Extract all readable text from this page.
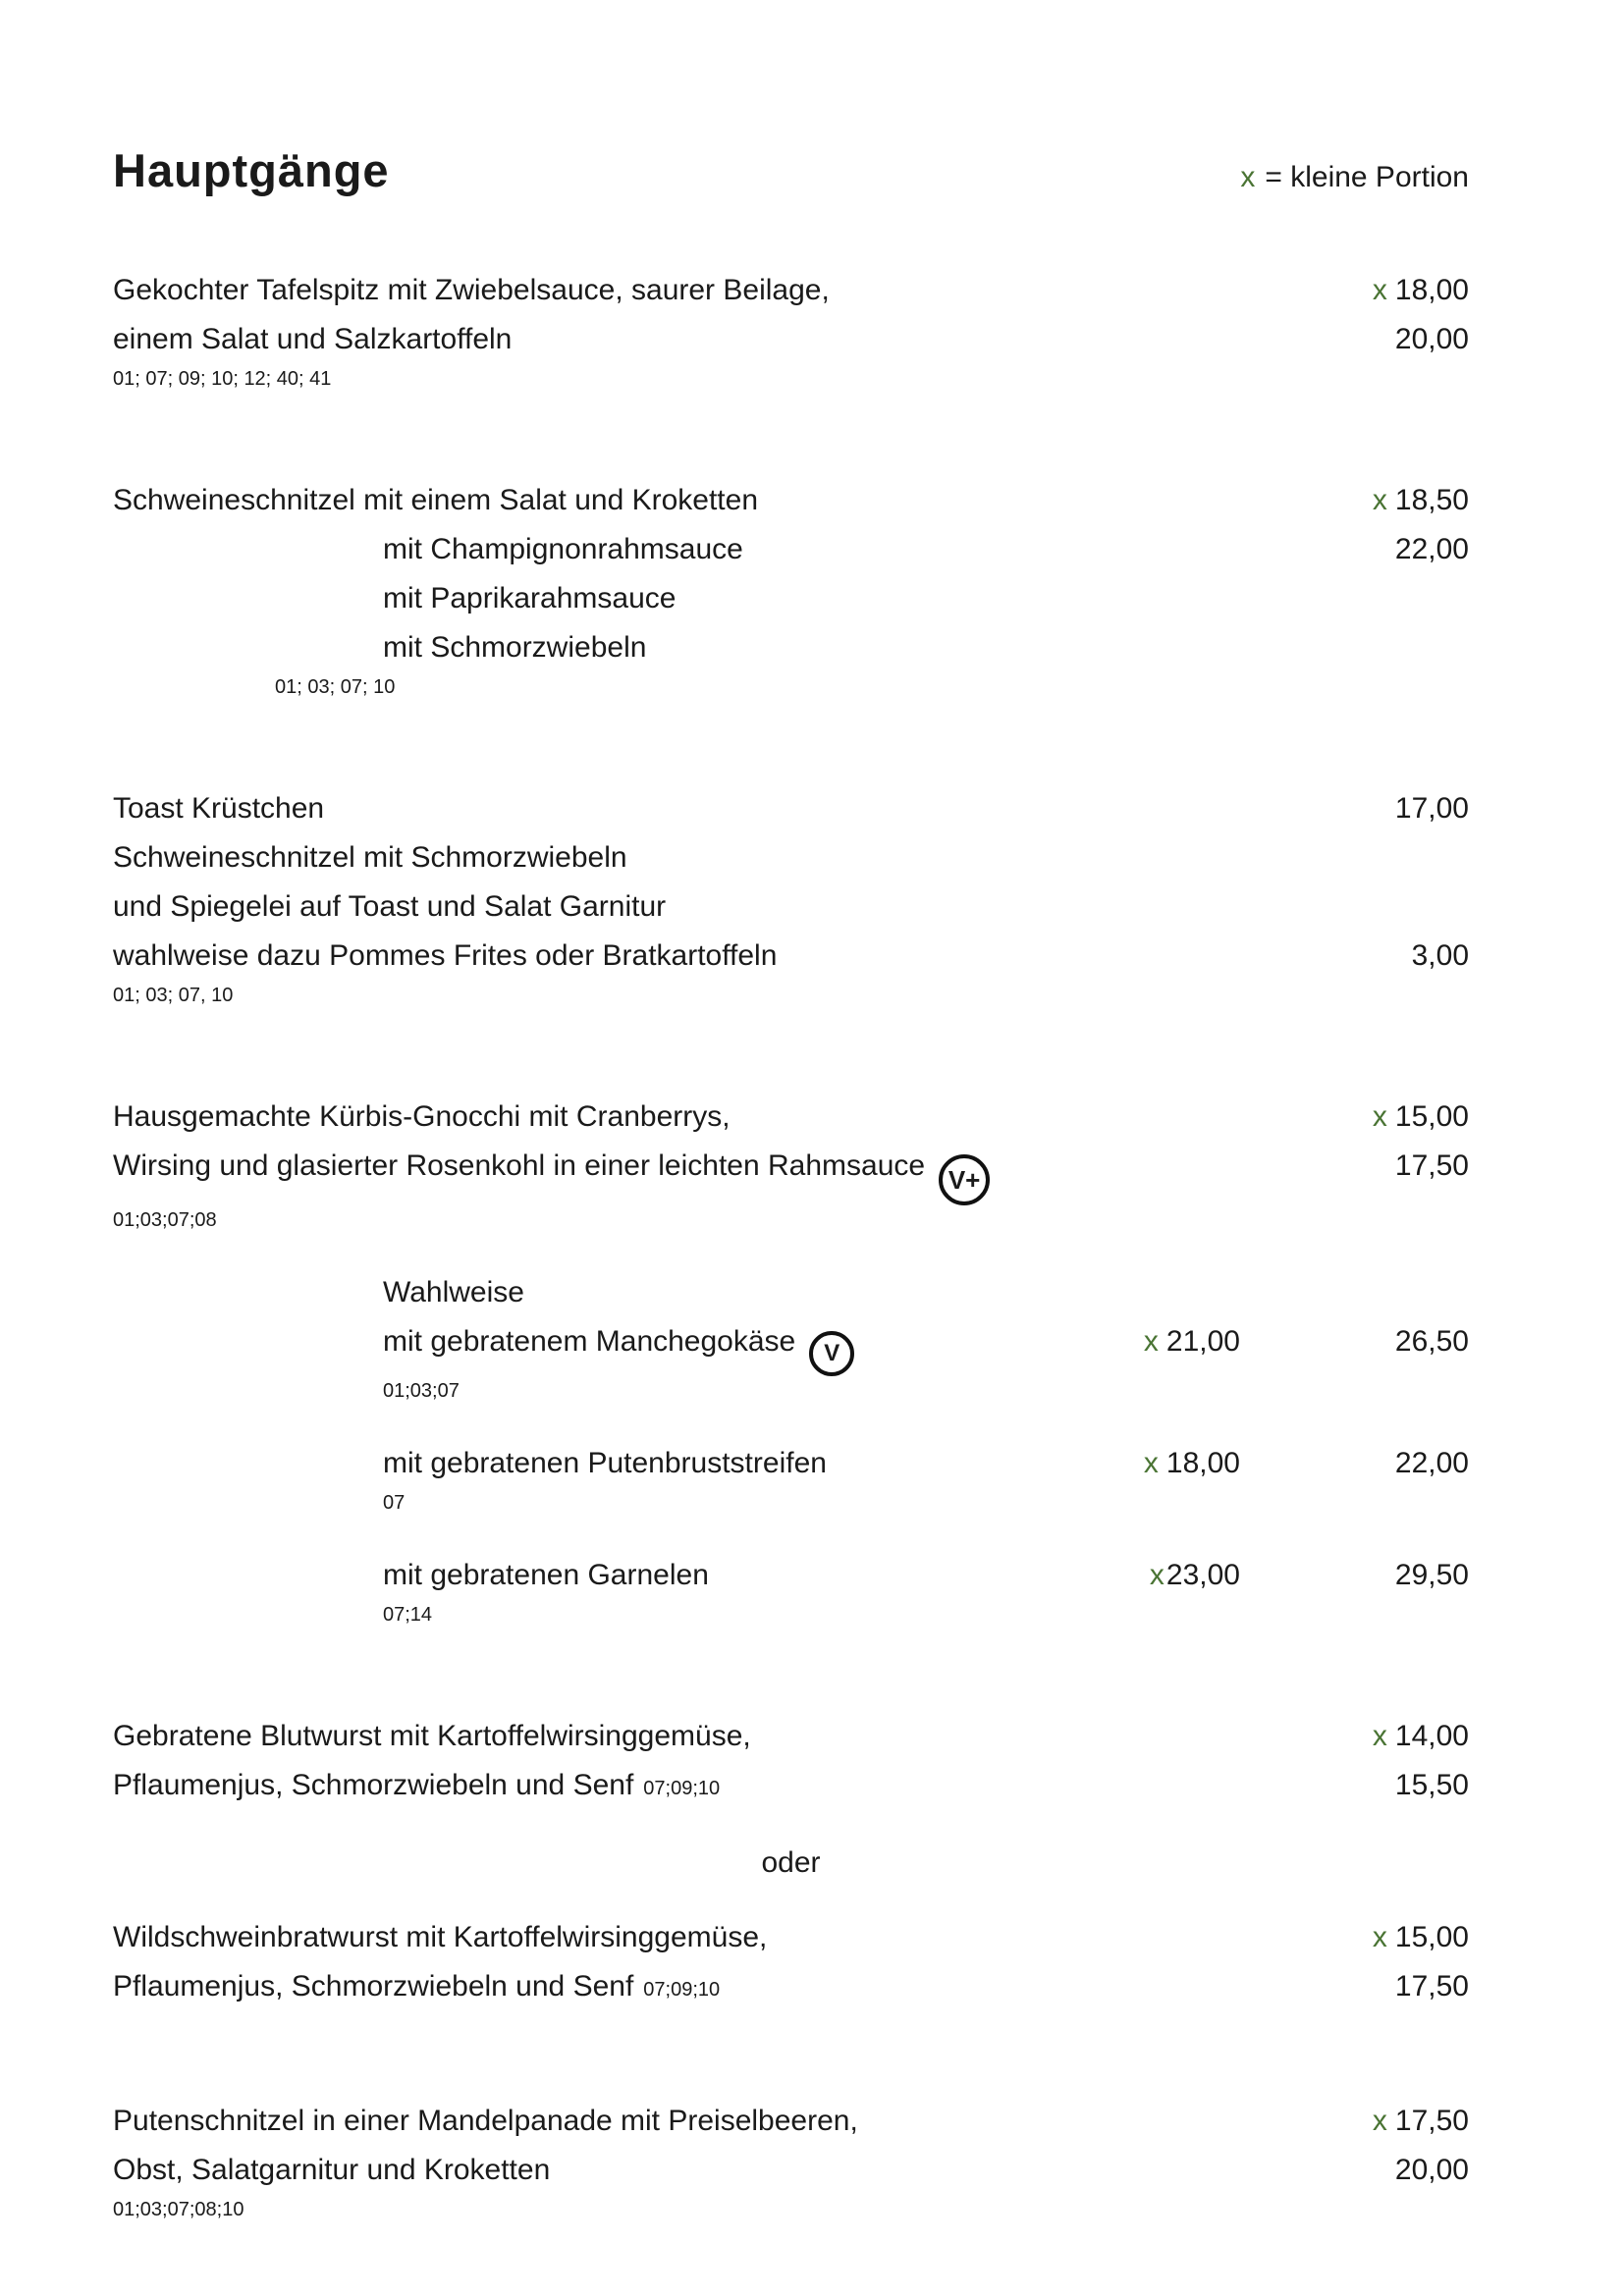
Hauptgänge	x = kleine Portion
Gekochter Tafelspitz mit Zwiebelsauce, saurer Beilage,	x 18,00
einem Salat und Salzkartoffeln	20,00
01; 07; 09; 10; 12; 40; 41
Schweineschnitzel mit einem Salat und Kroketten	x 18,50
mit Champignonrahmsauce	22,00
mit Paprikarahmsauce
mit Schmorzwiebeln
01; 03; 07; 10
Toast Krüstchen	17,00
Schweineschnitzel mit Schmorzwiebeln
und Spiegelei auf Toast und Salat Garnitur
wahlweise dazu Pommes Frites oder Bratkartoffeln	3,00
01; 03; 07, 10
Hausgemachte Kürbis-Gnocchi mit Cranberrys,	x 15,00
Wirsing und glasierter Rosenkohl in einer leichten Rahmsauce V+	17,50
01;03;07;08
Wahlweise
mit gebratenem Manchegokäse V	x 21,00	26,50
01;03;07
mit gebratenen Putenbruststreifen	x 18,00	22,00
07
mit gebratenen Garnelen	x23,00	29,50
07;14
Gebratene Blutwurst mit Kartoffelwirsinggemüse,	x 14,00
Pflaumenjus, Schmorzwiebeln und Senf 07;09;10	15,50
oder
Wildschweinbratwurst mit Kartoffelwirsinggemüse,	x 15,00
Pflaumenjus, Schmorzwiebeln und Senf 07;09;10	17,50
Putenschnitzel in einer Mandelpanade mit Preiselbeeren,	x 17,50
Obst, Salatgarnitur und Kroketten	20,00
01;03;07;08;10
